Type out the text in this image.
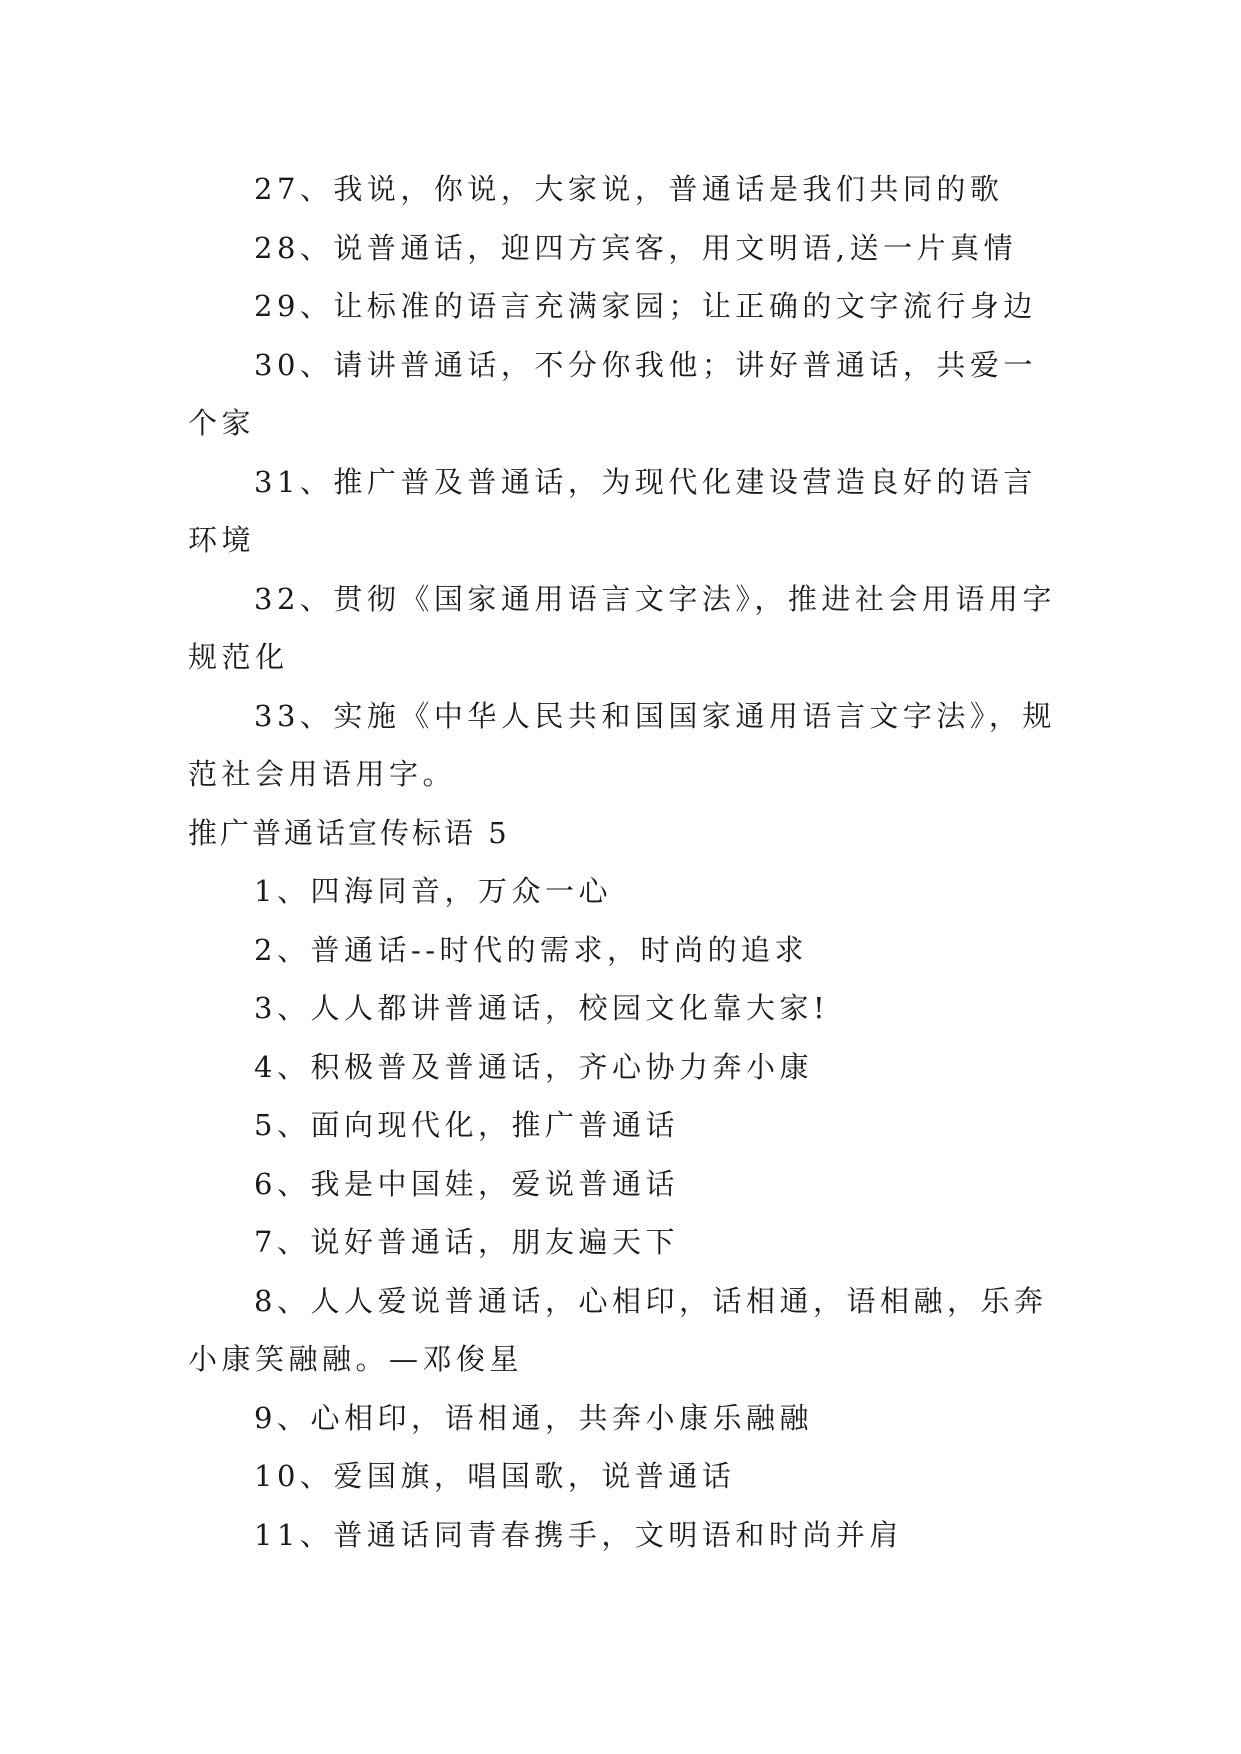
27、我说，你说，大家说，普通话是我们共同的歌

28、说普通话，迎四方宾客，用文明语,送一片真情

29、让标准的语言充满家园；让正确的文字流行身边

30、请讲普通话，不分你我他；讲好普通话，共爱一个家

31、推广普及普通话，为现代化建设营造良好的语言环境

32、贯彻《国家通用语言文字法》，推进社会用语用字规范化

33、实施《中华人民共和国国家通用语言文字法》，规范社会用语用字。

推广普通话宣传标语 5

1、四海同音，万众一心

2、普通话--时代的需求，时尚的追求

3、人人都讲普通话，校园文化靠大家!

4、积极普及普通话，齐心协力奔小康

5、面向现代化，推广普通话

6、我是中国娃，爱说普通话

7、说好普通话，朋友遍天下

8、人人爱说普通话，心相印，话相通，语相融，乐奔小康笑融融。—邓俊星

9、心相印，语相通，共奔小康乐融融

10、爱国旗，唱国歌，说普通话

11、普通话同青春携手，文明语和时尚并肩
